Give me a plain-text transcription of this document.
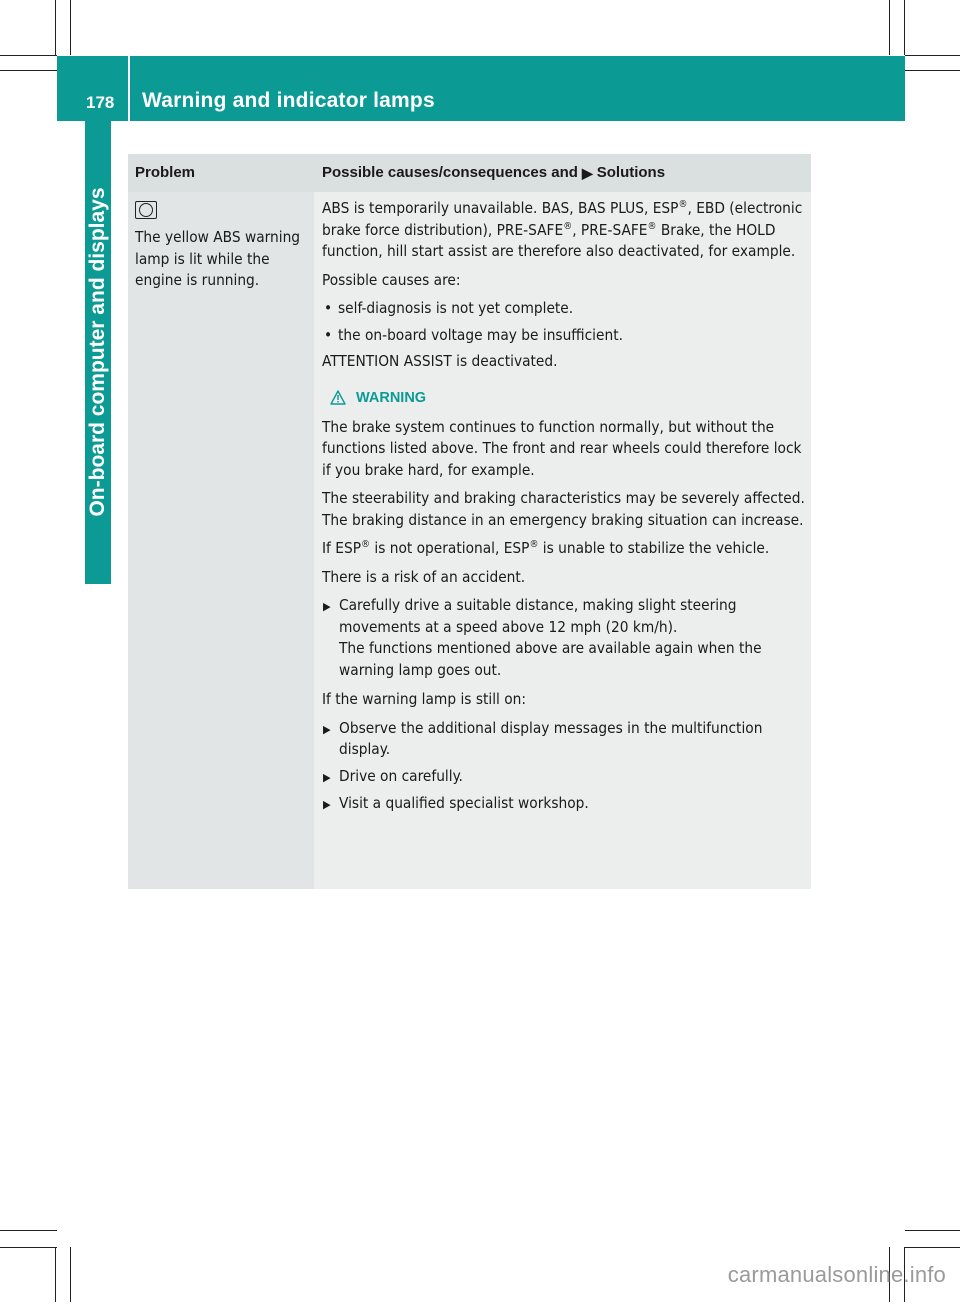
178 Warning and indicator lamps
On-board computer and displays
Problem	Possible causes/consequences and ▶ Solutions
The yellow ABS warning lamp is lit while the engine is running.
ABS is temporarily unavailable. BAS, BAS PLUS, ESP®, EBD (electronic brake force distribution), PRE-SAFE®, PRE-SAFE® Brake, the HOLD function, hill start assist are therefore also deactivated, for example.
Possible causes are:
• self-diagnosis is not yet complete.
• the on-board voltage may be insufficient.
ATTENTION ASSIST is deactivated.
WARNING
The brake system continues to function normally, but without the functions listed above. The front and rear wheels could therefore lock if you brake hard, for example.
The steerability and braking characteristics may be severely affected. The braking distance in an emergency braking situation can increase.
If ESP® is not operational, ESP® is unable to stabilize the vehicle.
There is a risk of an accident.
▶ Carefully drive a suitable distance, making slight steering movements at a speed above 12 mph (20 km/h).
The functions mentioned above are available again when the warning lamp goes out.
If the warning lamp is still on:
▶ Observe the additional display messages in the multifunction display.
▶ Drive on carefully.
▶ Visit a qualified specialist workshop.
carmanualsonline.info
